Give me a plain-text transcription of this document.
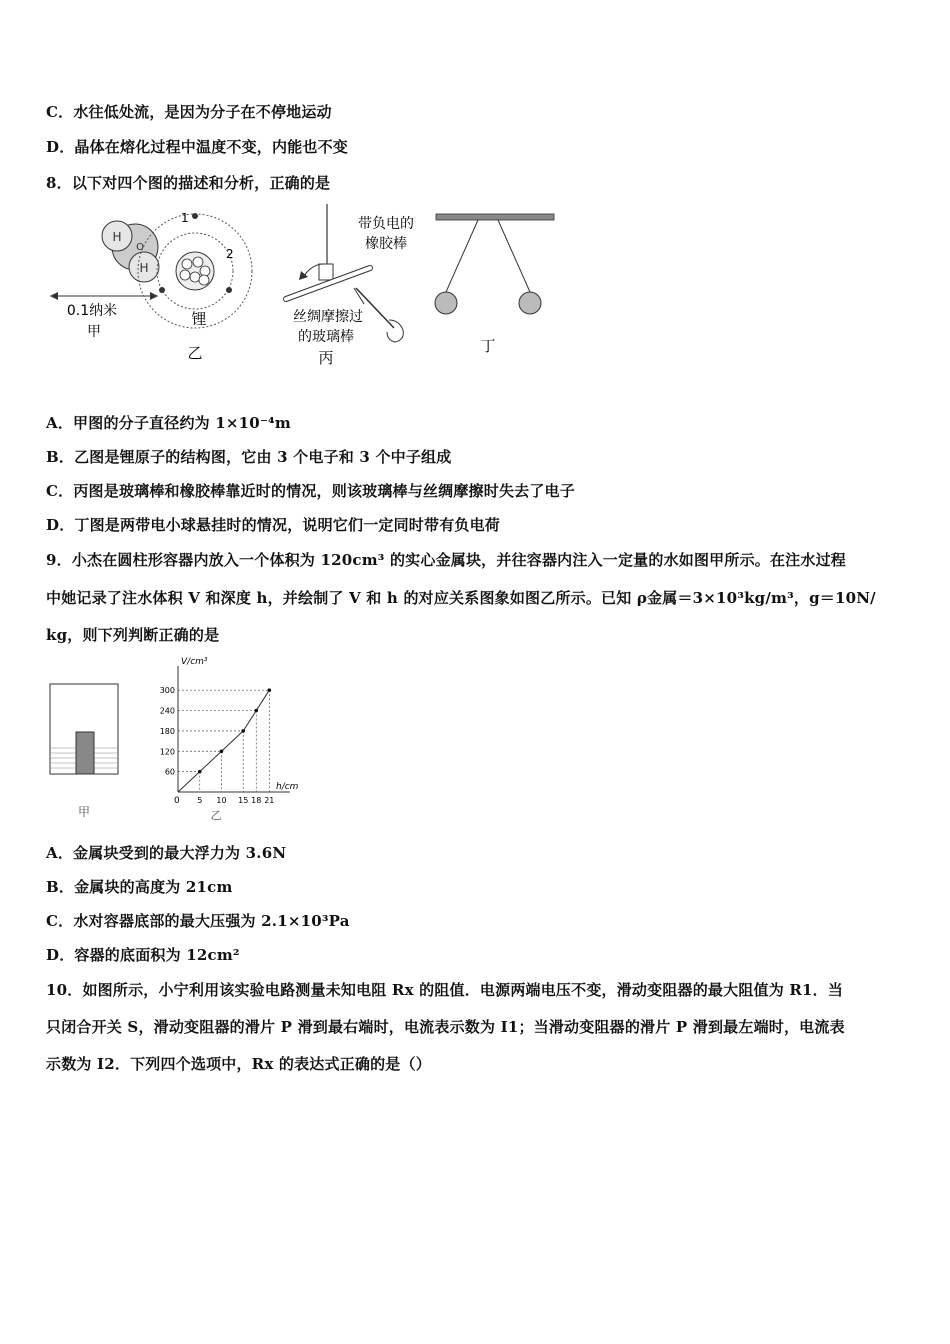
C．水往低处流，是因为分子在不停地运动
D．晶体在熔化过程中温度不变，内能也不变
8．以下对四个图的描述和分析，正确的是
H
H
O
0.1纳米
甲
1
2
锂
乙
带负电的
橡胶棒
丝绸摩擦过
的玻璃棒
丙
丁
A．甲图的分子直径约为 1×10⁻⁴m
B．乙图是锂原子的结构图，它由 3 个电子和 3 个中子组成
C．丙图是玻璃棒和橡胶棒靠近时的情况，则该玻璃棒与丝绸摩擦时失去了电子
D．丁图是两带电小球悬挂时的情况，说明它们一定同时带有负电荷
9．小杰在圆柱形容器内放入一个体积为 120cm³ 的实心金属块，并往容器内注入一定量的水如图甲所示。在注水过程
中她记录了注水体积 V 和深度 h，并绘制了 V 和 h 的对应关系图象如图乙所示。已知 ρ金属＝3×10³kg/m³，g＝10N/
kg，则下列判断正确的是
甲
5 10 15 18 21
60
120
180
240
300
V/cm³
h/cm
0
乙
A．金属块受到的最大浮力为 3.6N
B．金属块的高度为 21cm
C．水对容器底部的最大压强为 2.1×10³Pa
D．容器的底面积为 12cm²
10．如图所示，小宁利用该实验电路测量未知电阻 Rx 的阻值．电源两端电压不变，滑动变阻器的最大阻值为 R1．当
只闭合开关 S，滑动变阻器的滑片 P 滑到最右端时，电流表示数为 I1；当滑动变阻器的滑片 P 滑到最左端时，电流表
示数为 I2．下列四个选项中，Rx 的表达式正确的是（）
